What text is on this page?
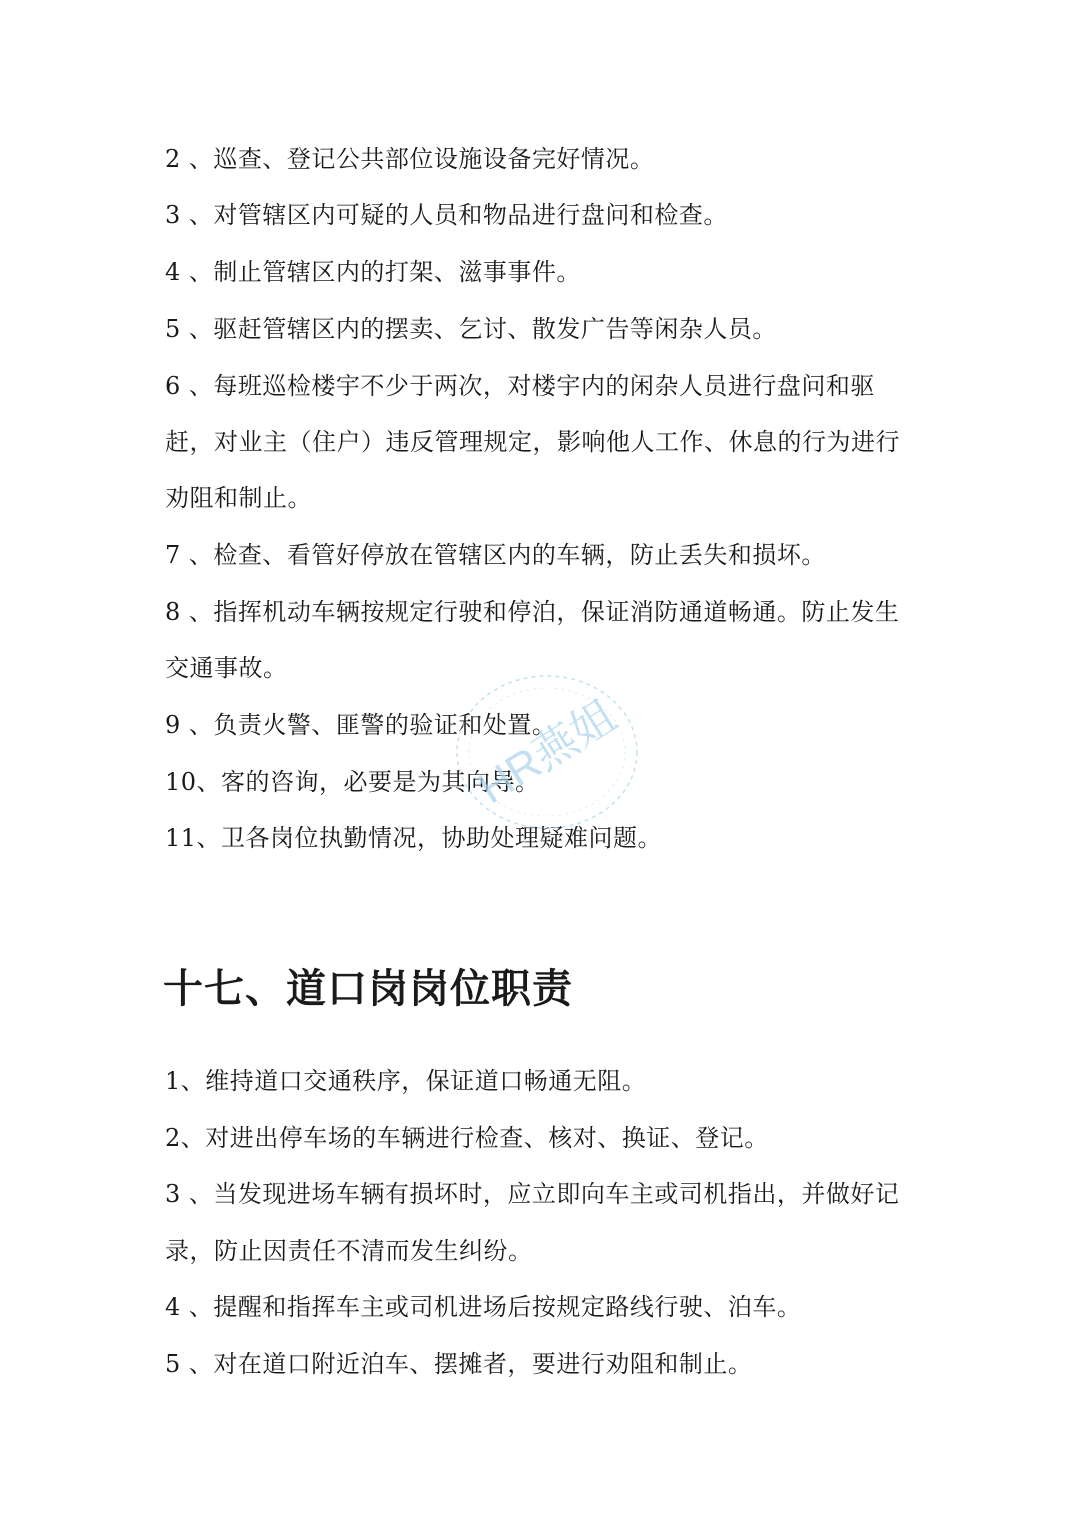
2 、巡查、登记公共部位设施设备完好情况。
3 、对管辖区内可疑的人员和物品进行盘问和检查。
4 、制止管辖区内的打架、滋事事件。
5 、驱赶管辖区内的摆卖、乞讨、散发广告等闲杂人员。
6 、每班巡检楼宇不少于两次，对楼宇内的闲杂人员进行盘问和驱
赶，对业主（住户）违反管理规定，影响他人工作、休息的行为进行
劝阻和制止。
7 、检查、看管好停放在管辖区内的车辆，防止丢失和损坏。
8 、指挥机动车辆按规定行驶和停泊，保证消防通道畅通。防止发生
交通事故。
9 、负责火警、匪警的验证和处置。
10、客的咨询，必要是为其向导。
11、卫各岗位执勤情况，协助处理疑难问题。
十七、道口岗岗位职责
1、维持道口交通秩序，保证道口畅通无阻。
2、对进出停车场的车辆进行检查、核对、换证、登记。
3 、当发现进场车辆有损坏时，应立即向车主或司机指出，并做好记
录，防止因责任不清而发生纠纷。
4 、提醒和指挥车主或司机进场后按规定路线行驶、泊车。
5 、对在道口附近泊车、摆摊者，要进行劝阻和制止。
HR燕姐
